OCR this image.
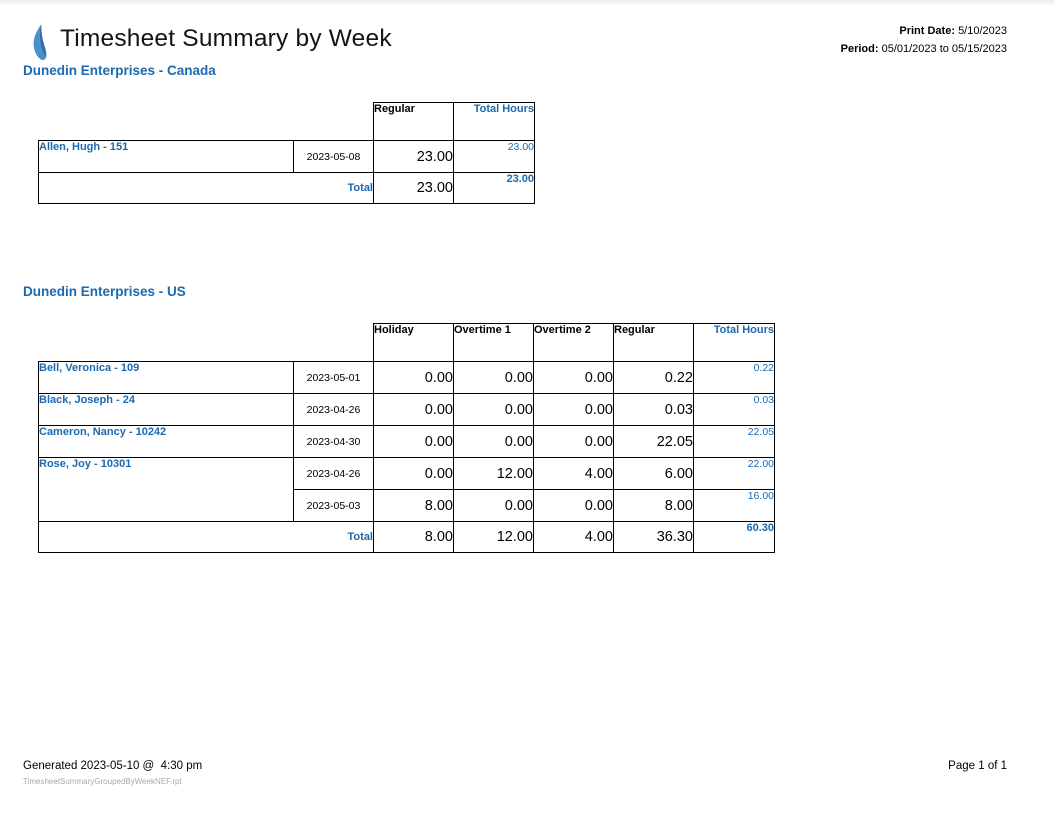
Timesheet Summary by Week	Print Date: 5/10/2023
Period: 05/01/2023 to 05/15/2023
Dunedin Enterprises - Canada
		Regular	Total Hours
Allen, Hugh - 151	2023-05-08	23.00	23.00
Total		23.00	23.00
Dunedin Enterprises - US
		Holiday	Overtime 1	Overtime 2	Regular	Total Hours
Bell, Veronica - 109	2023-05-01	0.00	0.00	0.00	0.22	0.22
Black, Joseph - 24	2023-04-26	0.00	0.00	0.00	0.03	0.03
Cameron, Nancy - 10242	2023-04-30	0.00	0.00	0.00	22.05	22.05
Rose, Joy - 10301	2023-04-26	0.00	12.00	4.00	6.00	22.00
	2023-05-03	8.00	0.00	0.00	8.00	16.00
Total		8.00	12.00	4.00	36.30	60.30
Generated 2023-05-10 @  4:30 pm
TimesheetSummaryGroupedByWeekNEF.rpt
Page 1 of 1
